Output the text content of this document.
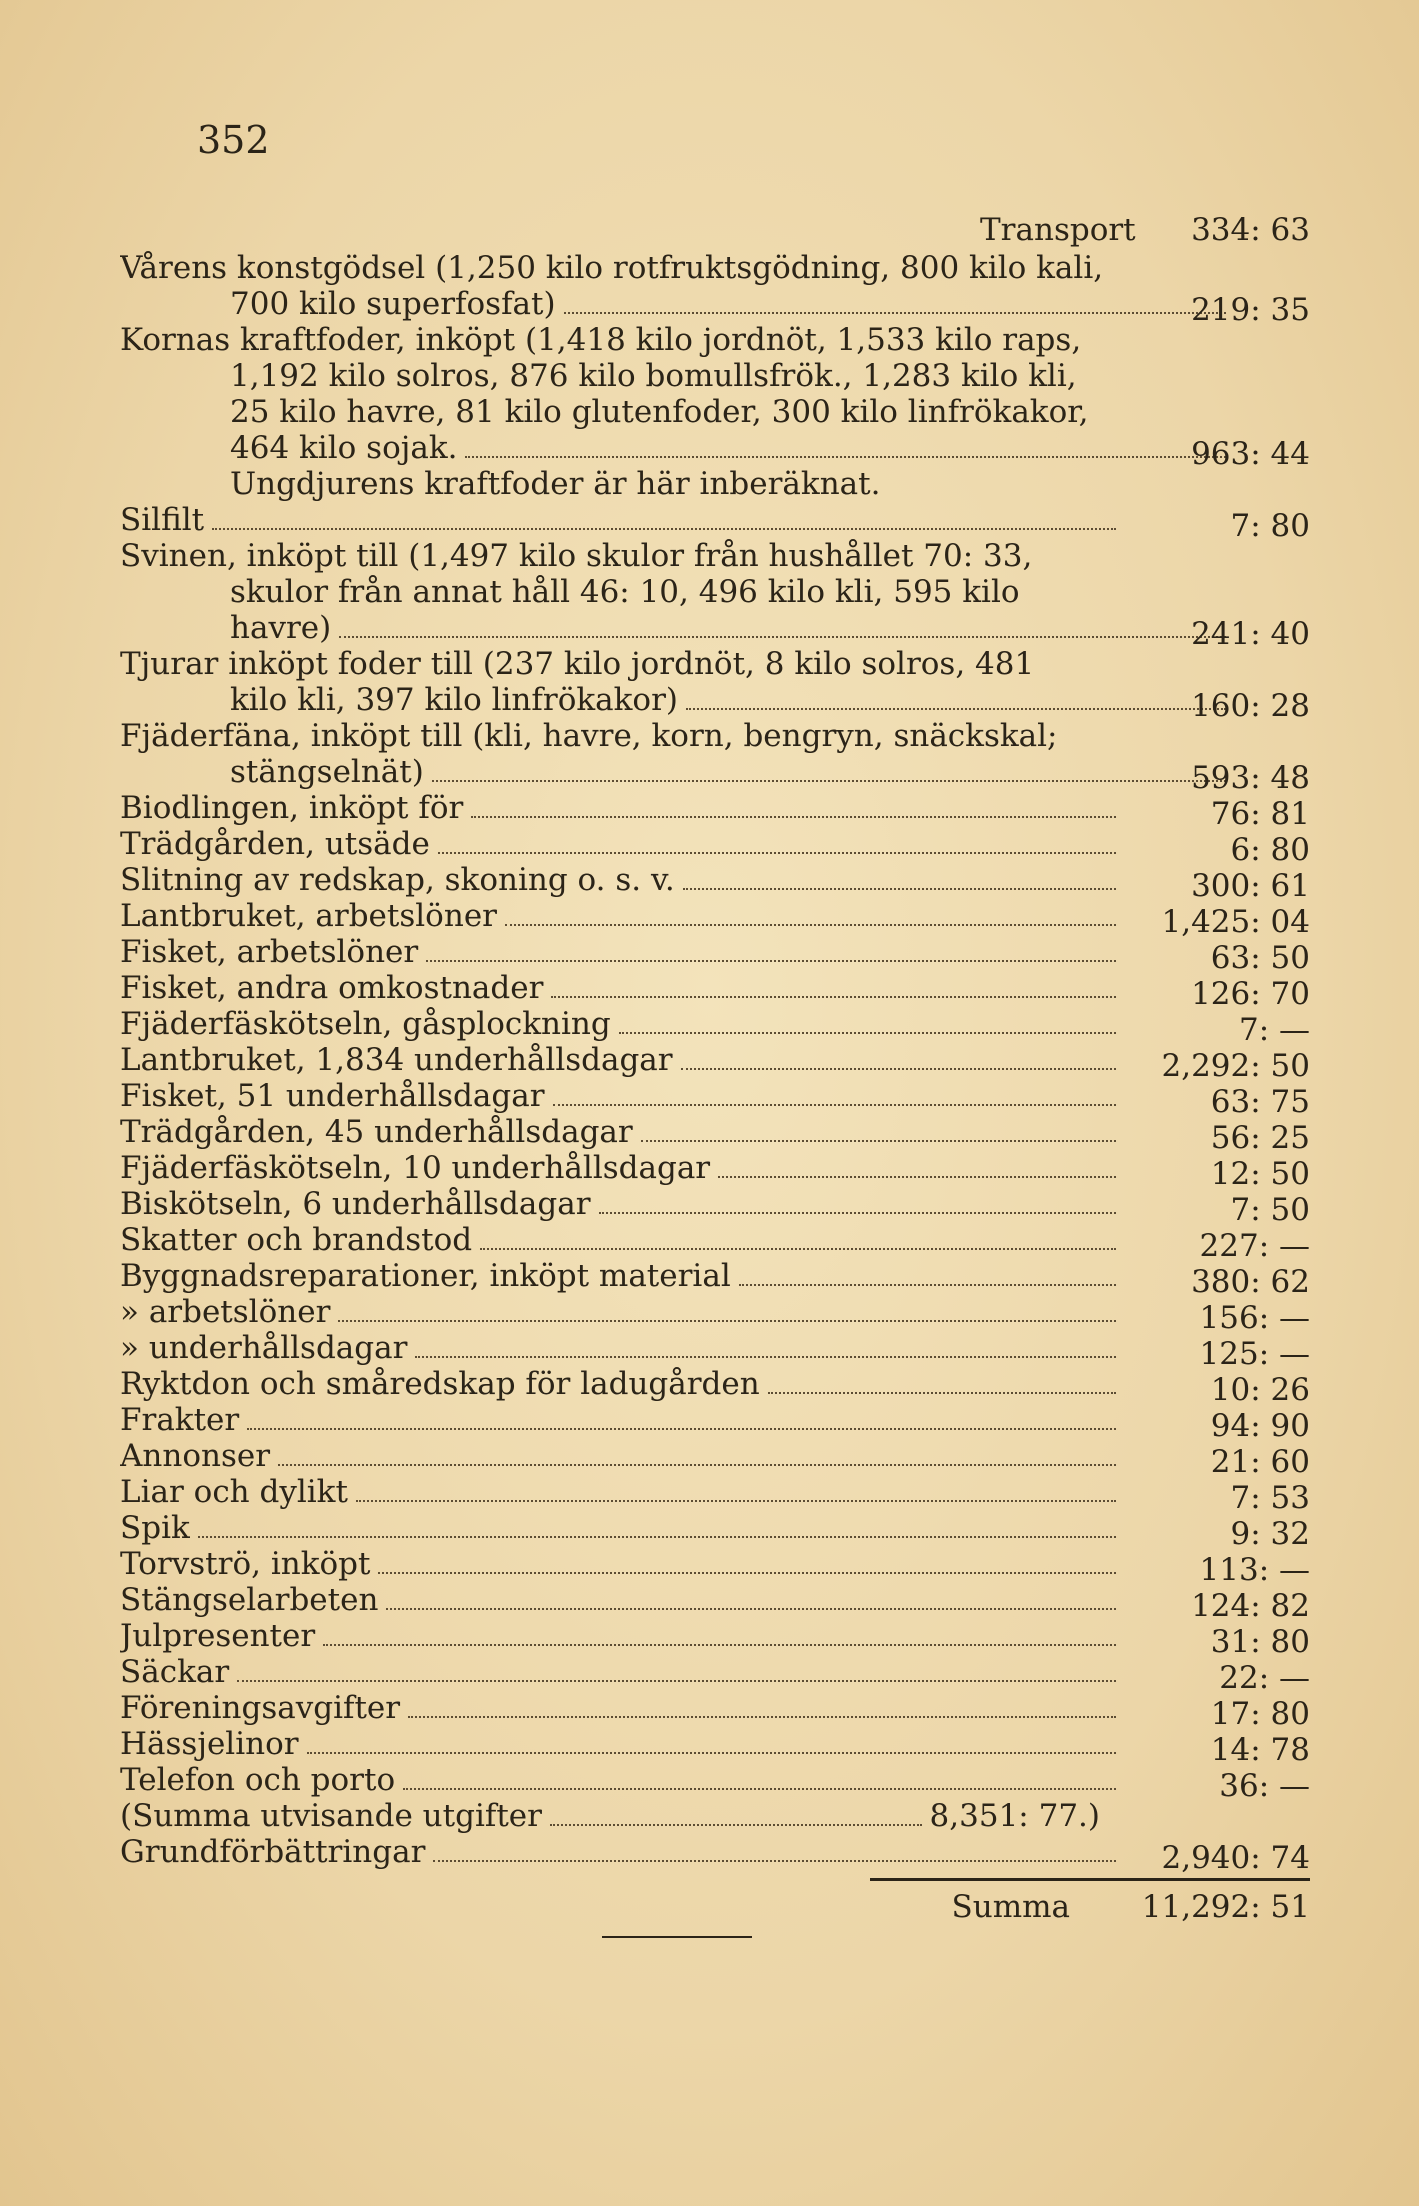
352
Transport	334: 63
Vårens konstgödsel (1,250 kilo rotfruktsgödning, 800 kilo kali,
700 kilo superfosfat)	219: 35
Kornas kraftfoder, inköpt (1,418 kilo jordnöt, 1,533 kilo raps,
1,192 kilo solros, 876 kilo bomullsfrök., 1,283 kilo kli,
25 kilo havre, 81 kilo glutenfoder, 300 kilo linfrökakor,
464 kilo sojak.	963: 44
Ungdjurens kraftfoder är här inberäknat.
Silfilt	7: 80
Svinen, inköpt till (1,497 kilo skulor från hushållet 70: 33,
skulor från annat håll 46: 10, 496 kilo kli, 595 kilo
havre)	241: 40
Tjurar inköpt foder till (237 kilo jordnöt, 8 kilo solros, 481
kilo kli, 397 kilo linfrökakor)	160: 28
Fjäderfäna, inköpt till (kli, havre, korn, bengryn, snäckskal;
stängselnät)	593: 48
Biodlingen, inköpt för	76: 81
Trädgården, utsäde	6: 80
Slitning av redskap, skoning o. s. v.	300: 61
Lantbruket, arbetslöner	1,425: 04
Fisket, arbetslöner	63: 50
Fisket, andra omkostnader	126: 70
Fjäderfäskötseln, gåsplockning	7: —
Lantbruket, 1,834 underhållsdagar	2,292: 50
Fisket, 51 underhållsdagar	63: 75
Trädgården, 45 underhållsdagar	56: 25
Fjäderfäskötseln, 10 underhållsdagar	12: 50
Biskötseln, 6 underhållsdagar	7: 50
Skatter och brandstod	227: —
Byggnadsreparationer, inköpt material	380: 62
» arbetslöner	156: —
» underhållsdagar	125: —
Ryktdon och småredskap för ladugården	10: 26
Frakter	94: 90
Annonser	21: 60
Liar och dylikt	7: 53
Spik	9: 32
Torvströ, inköpt	113: —
Stängselarbeten	124: 82
Julpresenter	31: 80
Säckar	22: —
Föreningsavgifter	17: 80
Hässjelinor	14: 78
Telefon och porto	36: —
(Summa utvisande utgifter	8,351: 77.)
Grundförbättringar	2,940: 74
Summa 11,292: 51
